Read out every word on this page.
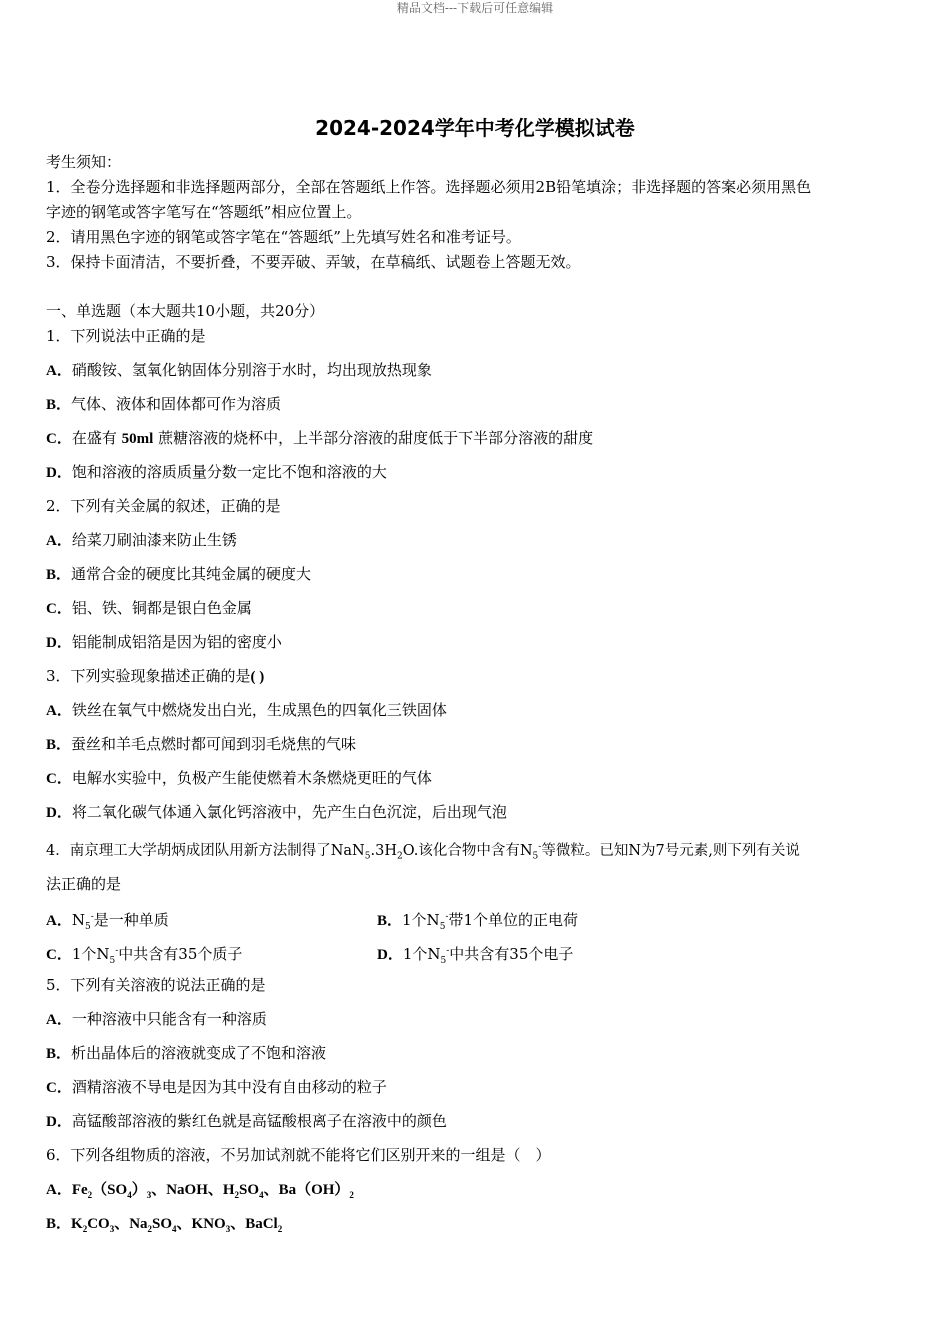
精品文档---下载后可任意编辑
2024-2024学年中考化学模拟试卷
考生须知：
1．全卷分选择题和非选择题两部分，全部在答题纸上作答。选择题必须用2B铅笔填涂；非选择题的答案必须用黑色
字迹的钢笔或答字笔写在“答题纸”相应位置上。
2．请用黑色字迹的钢笔或答字笔在“答题纸”上先填写姓名和准考证号。
3．保持卡面清洁，不要折叠，不要弄破、弄皱，在草稿纸、试题卷上答题无效。
一、单选题（本大题共10小题，共20分）
1．下列说法中正确的是
A．硝酸铵、氢氧化钠固体分别溶于水时，均出现放热现象
B．气体、液体和固体都可作为溶质
C．在盛有 50ml 蔗糖溶液的烧杯中，上半部分溶液的甜度低于下半部分溶液的甜度
D．饱和溶液的溶质质量分数一定比不饱和溶液的大
2．下列有关金属的叙述，正确的是
A．给菜刀刷油漆来防止生锈
B．通常合金的硬度比其纯金属的硬度大
C．铝、铁、铜都是银白色金属
D．铝能制成铝箔是因为铝的密度小
3．下列实验现象描述正确的是( )
A．铁丝在氧气中燃烧发出白光，生成黑色的四氧化三铁固体
B．蚕丝和羊毛点燃时都可闻到羽毛烧焦的气味
C．电解水实验中，负极产生能使燃着木条燃烧更旺的气体
D．将二氧化碳气体通入氯化钙溶液中，先产生白色沉淀，后出现气泡
4．南京理工大学胡炳成团队用新方法制得了$NaN_5.3H_2O$.该化合物中含有$N_5^-$等微粒。已知N为7号元素,则下列有关说
法正确的是
A．$N_5^-$是一种单质	B．1个$N_5^-$带1个单位的正电荷
C．1个$N_5^-$中共含有35个质子	D．1个$N_5^-$中共含有35个电子
5．下列有关溶液的说法正确的是
A．一种溶液中只能含有一种溶质
B．析出晶体后的溶液就变成了不饱和溶液
C．酒精溶液不导电是因为其中没有自由移动的粒子
D．高锰酸部溶液的紫红色就是高锰酸根离子在溶液中的颜色
6．下列各组物质的溶液，不另加试剂就不能将它们区别开来的一组是（　）
A．$Fe_2(SO_4)_3$、NaOH、$H_2SO_4$、$Ba(OH)_2$
B．$K_2CO_3$、$Na_2SO_4$、$KNO_3$、BaCl$_2$
